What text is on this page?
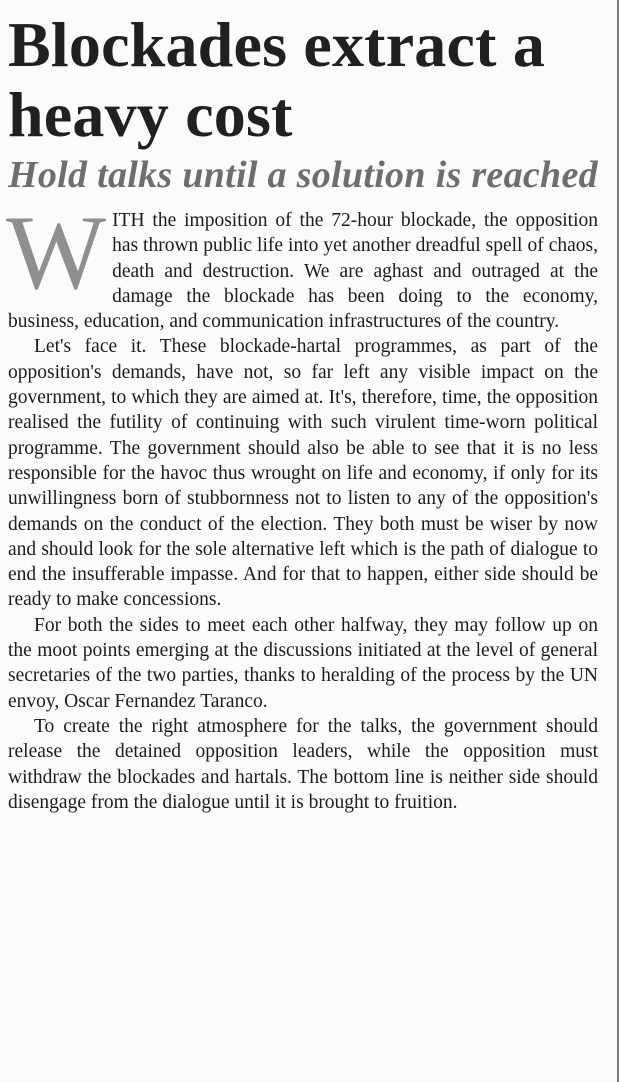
Blockades extract a heavy cost
Hold talks until a solution is reached

WITH the imposition of the 72-hour blockade, the opposition has thrown public life into yet another dreadful spell of chaos, death and destruction. We are aghast and outraged at the damage the blockade has been doing to the economy, business, education, and communication infrastructures of the country.

Let's face it. These blockade-hartal programmes, as part of the opposition's demands, have not, so far left any visible impact on the government, to which they are aimed at. It's, therefore, time, the opposition realised the futility of continuing with such virulent time-worn political programme. The government should also be able to see that it is no less responsible for the havoc thus wrought on life and economy, if only for its unwillingness born of stubbornness not to listen to any of the opposition's demands on the conduct of the election. They both must be wiser by now and should look for the sole alternative left which is the path of dialogue to end the insufferable impasse. And for that to happen, either side should be ready to make concessions.

For both the sides to meet each other halfway, they may follow up on the moot points emerging at the discussions initiated at the level of general secretaries of the two parties, thanks to heralding of the process by the UN envoy, Oscar Fernandez Taranco.

To create the right atmosphere for the talks, the government should release the detained opposition leaders, while the opposition must withdraw the blockades and hartals. The bottom line is neither side should disengage from the dialogue until it is brought to fruition.
